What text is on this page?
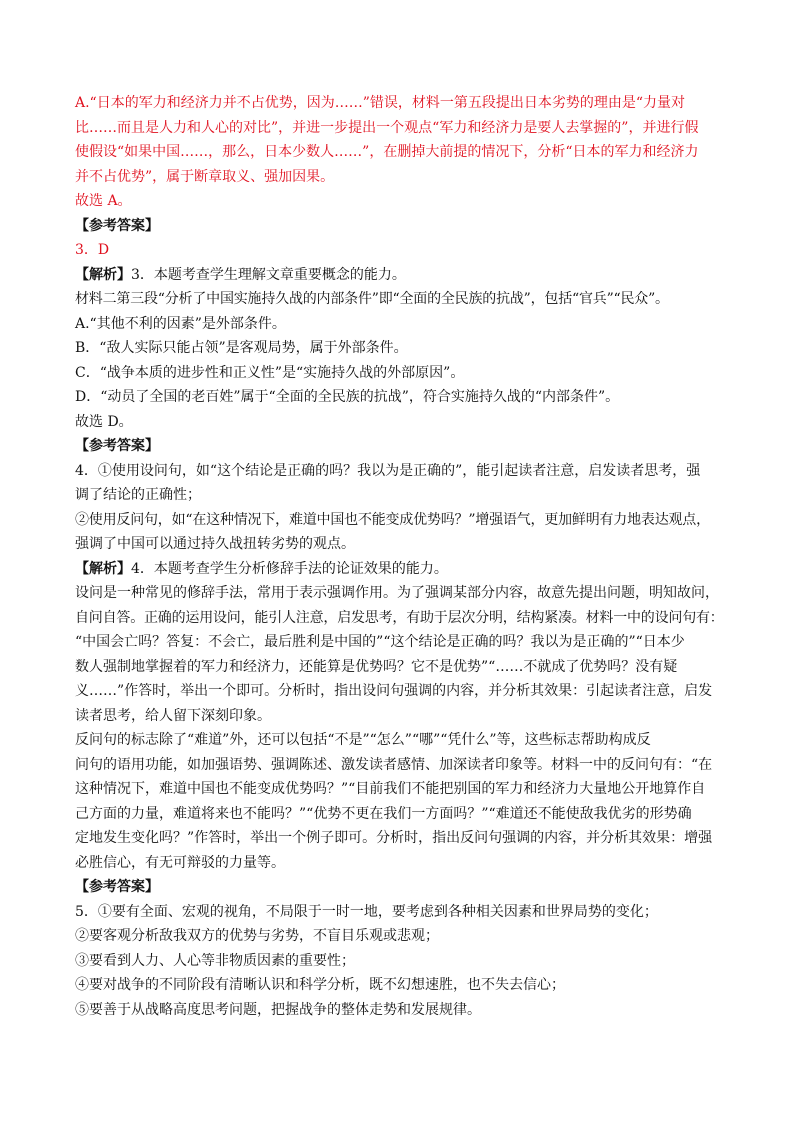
A.“日本的军力和经济力并不占优势，因为……”错误，材料一第五段提出日本劣势的理由是“力量对

比……而且是人力和人心的对比”，并进一步提出一个观点“军力和经济力是要人去掌握的”，并进行假

使假设“如果中国……，那么，日本少数人……”，在删掉大前提的情况下，分析“日本的军力和经济力

并不占优势”，属于断章取义、强加因果。

故选 A。

【参考答案】

3．D

【解析】3．本题考查学生理解文章重要概念的能力。

材料二第三段“分析了中国实施持久战的内部条件”即“全面的全民族的抗战”，包括“官兵”“民众”。

A.“其他不利的因素”是外部条件。

B．“敌人实际只能占领”是客观局势，属于外部条件。

C．“战争本质的进步性和正义性”是“实施持久战的外部原因”。

D．“动员了全国的老百姓”属于“全面的全民族的抗战”，符合实施持久战的“内部条件”。

故选 D。

【参考答案】

4．①使用设问句，如“这个结论是正确的吗？我以为是正确的”，能引起读者注意，启发读者思考，强

调了结论的正确性；

②使用反问句，如“在这种情况下，难道中国也不能变成优势吗？”增强语气，更加鲜明有力地表达观点，

强调了中国可以通过持久战扭转劣势的观点。

【解析】4．本题考查学生分析修辞手法的论证效果的能力。

设问是一种常见的修辞手法，常用于表示强调作用。为了强调某部分内容，故意先提出问题，明知故问，

自问自答。正确的运用设问，能引人注意，启发思考，有助于层次分明，结构紧凑。材料一中的设问句有：

“中国会亡吗？答复：不会亡，最后胜利是中国的”“这个结论是正确的吗？我以为是正确的”“日本少

数人强制地掌握着的军力和经济力，还能算是优势吗？它不是优势”“……不就成了优势吗？没有疑

义……”作答时，举出一个即可。分析时，指出设问句强调的内容，并分析其效果：引起读者注意，启发

读者思考，给人留下深刻印象。

反问句的标志除了“难道”外，还可以包括“不是”“怎么”“哪”“凭什么”等，这些标志帮助构成反

问句的语用功能，如加强语势、强调陈述、激发读者感情、加深读者印象等。材料一中的反问句有：“在

这种情况下，难道中国也不能变成优势吗？”“目前我们不能把别国的军力和经济力大量地公开地算作自

己方面的力量，难道将来也不能吗？”“优势不更在我们一方面吗？”“难道还不能使敌我优劣的形势确

定地发生变化吗？”作答时，举出一个例子即可。分析时，指出反问句强调的内容，并分析其效果：增强

必胜信心，有无可辩驳的力量等。

【参考答案】

5．①要有全面、宏观的视角，不局限于一时一地，要考虑到各种相关因素和世界局势的变化；

②要客观分析敌我双方的优势与劣势，不盲目乐观或悲观；

③要看到人力、人心等非物质因素的重要性；

④要对战争的不同阶段有清晰认识和科学分析，既不幻想速胜，也不失去信心；

⑤要善于从战略高度思考问题，把握战争的整体走势和发展规律。
